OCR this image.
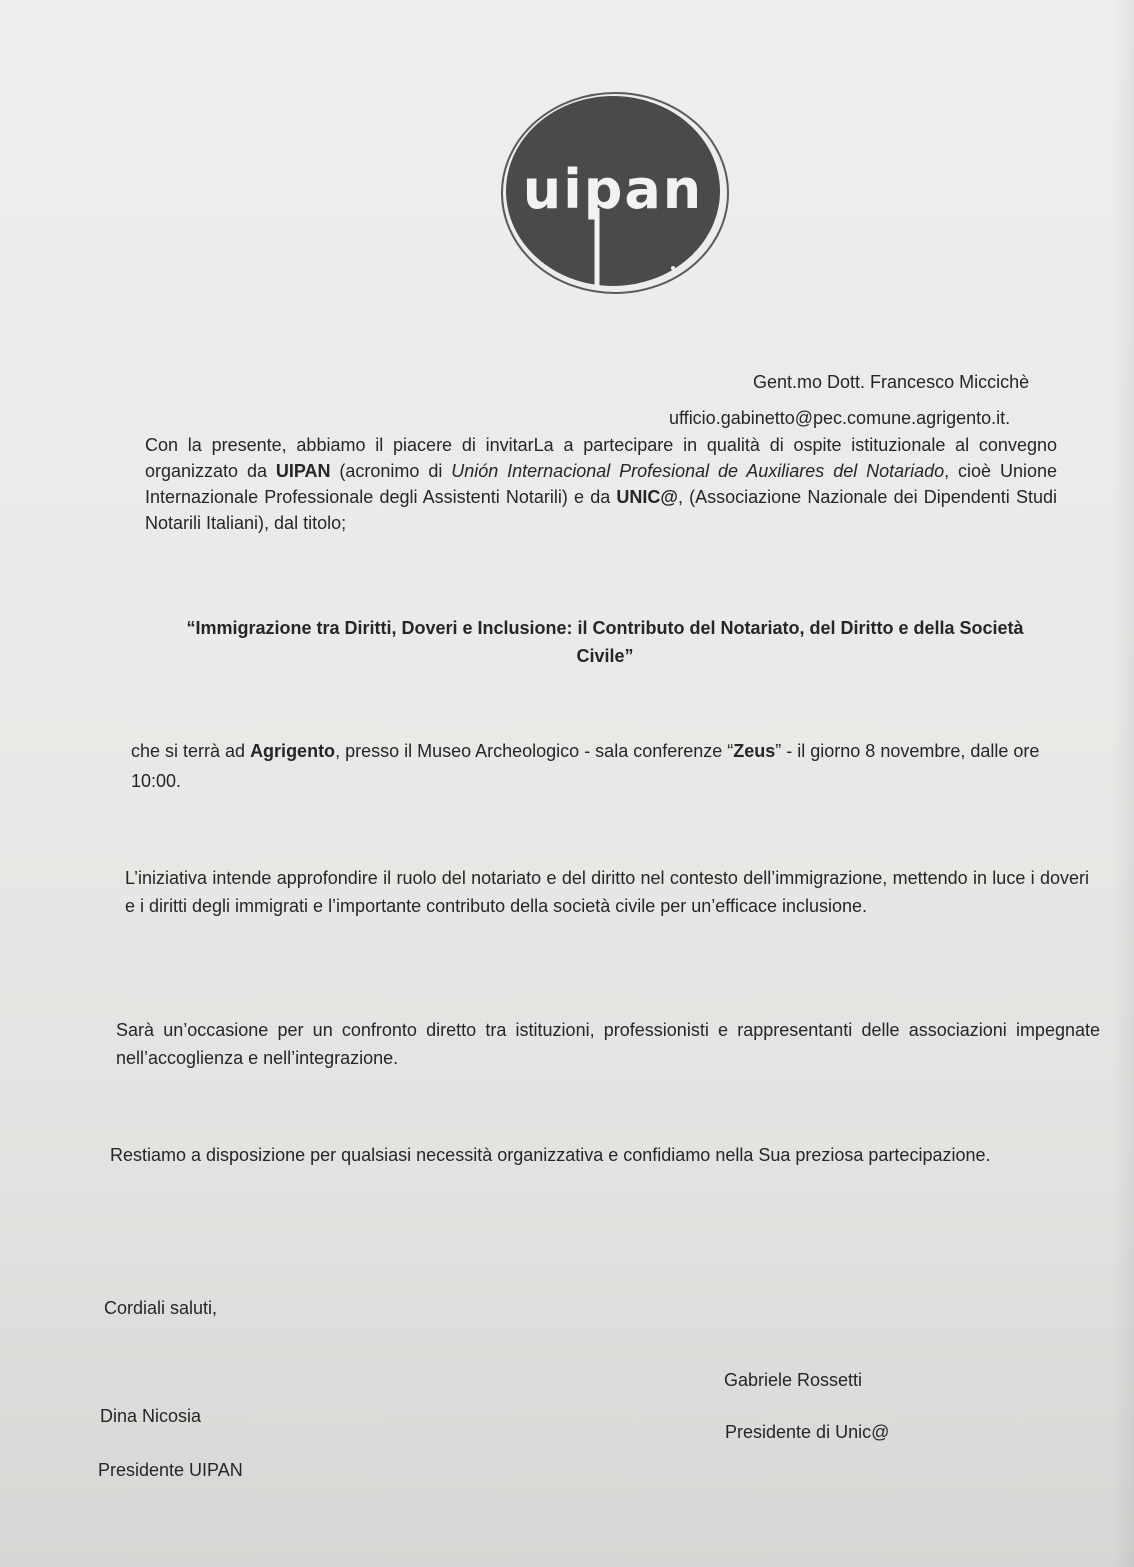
uipan
Gent.mo Dott. Francesco Miccichè
ufficio.gabinetto@pec.comune.agrigento.it.
Con la presente, abbiamo il piacere di invitarLa a partecipare in qualità di ospite istituzionale al convegno organizzato da UIPAN (acronimo di Unión Internacional Profesional de Auxiliares del Notariado, cioè Unione Internazionale Professionale degli Assistenti Notarili) e da UNIC@, (Associazione Nazionale dei Dipendenti Studi Notarili Italiani), dal titolo;
“Immigrazione tra Diritti, Doveri e Inclusione: il Contributo del Notariato, del Diritto e della Società Civile”
che si terrà ad Agrigento, presso il Museo Archeologico - sala conferenze “Zeus” - il giorno 8 novembre, dalle ore 10:00.
L’iniziativa intende approfondire il ruolo del notariato e del diritto nel contesto dell’immigrazione, mettendo in luce i doveri e i diritti degli immigrati e l’importante contributo della società civile per un’efficace inclusione.
Sarà un’occasione per un confronto diretto tra istituzioni, professionisti e rappresentanti delle associazioni impegnate nell’accoglienza e nell’integrazione.
Restiamo a disposizione per qualsiasi necessità organizzativa e confidiamo nella Sua preziosa partecipazione.
Cordiali saluti,
Gabriele Rossetti
Presidente di Unic@
Dina Nicosia
Presidente UIPAN
